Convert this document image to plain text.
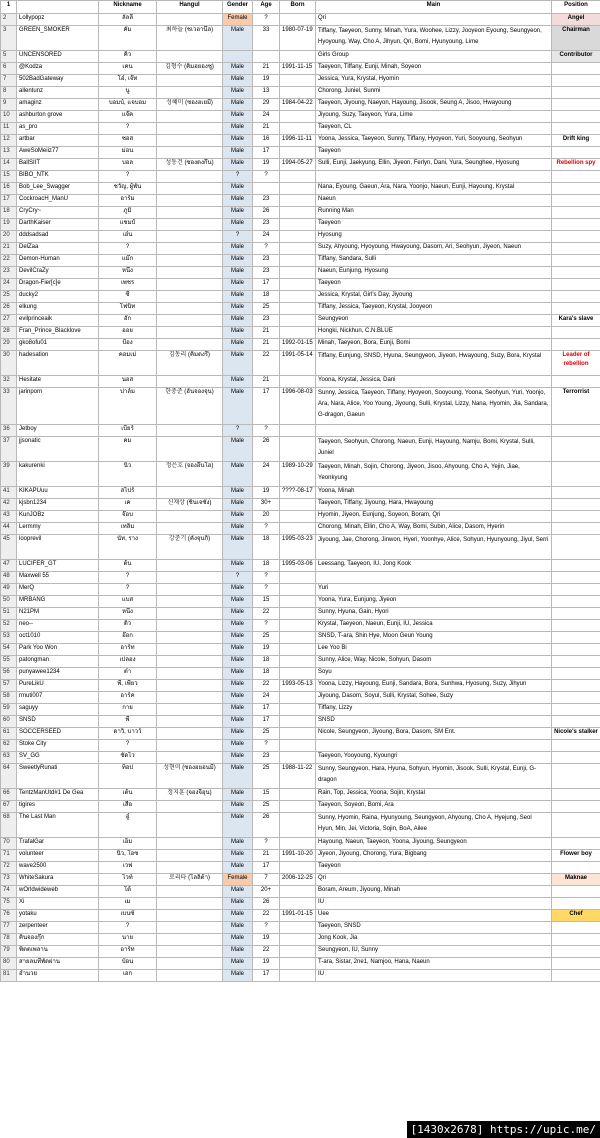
1	Username	Nickname	Hangul	Gender	Age	Born	Main	Position
2	Lollypopz	ลัลลี่		Female	?		Qri	Angel
3	GREEN_SMOKER	คัม	최하늘 (ชเวฮานึล)	Male	33	1980-07-19	Tiffany, Taeyeon, Sunny, Minah, Yura, Woohee, Lizzy, Jooyeon Eyoung, Seungyeon, Hyoyoung, Way, Cho A, Jihyun, Qri, Bomi, Hyunyoung, Lime	Chairman
5	UNCENSORED	คิว					Girls Group	Contributor
6	@Kodza	เคน	김형수 (คิมฮยองซู)	Male	21	1991-11-15	Taeyeon, Tiffany, Eunji, Minah, Soyeon	
7	502BadGateway	โอ๋, เจ๊ท		Male	19		Jessica, Yura, Krystal, Hyomin	
8	allentunz	นู		Male	13		Chorong, Juniel, Sunmi	
9	amaginz	บอมบ์, แจบอม	성혜미 (ซองฮเยมี)	Male	29	1984-04-22	Taeyeon, Jiyoung, Naeyon, Hayoung, Jisook, Seung A, Jisoo, Hwayoung	
10	ashburton grove	แจ๊ค		Male	24		Jiyoung, Suzy, Taeyeon, Yura, Lime	
11	as_pro	?		Male	21		Taeyeon, CL	
12	artbar	ซอส		Male	16	1996-11-11	Yoona, Jessica, Taeyeon, Sunny, Tiffany, Hyoyeon, Yuri, Sooyoung, Seohyun	Drift king
13	AweSoMeiiz77	ม่อน		Male	17		Taeyeon	
14	BallSIIT	บอล	성동건 (ซองดงกึน)	Male	19	1994-05-27	Sulli, Eunji, Jaekyung, Ellin, Jiyeon, Ferlyn, Dani, Yura, Seunghee, Hyosung	Rebellion spy
15	BIBO_NTK	?		?	?			
16	Bob_Lee_Swagger	ชวัญ, ผู้พัน		Male			Nana, Eyoung, Gaeun, Ara, Nara, Yoonjo, Naeun, Eunji, Hayoung, Krystal	
17	CockroacH_ManU	อาร์ม		Male	23		Naeun	
18	CryCry~	ภูมิ		Male	26		Running Man	
19	DarthKaiser	แชมป์		Male	23		Taeyeon	
20	dddsadsad	เอ๋น		?	24		Hyosung	
21	DelZaa	?		Male	?		Suzy, Ahyoung, Hyoyoung, Hwayoung, Dasom, Ari, Seohyun, Jiyeon, Naeun	
22	Demon-Human	แม๊ก		Male	23		Tiffany, Sandara, Sulli	
23	DevilCraZy	หนึ่ง		Male	23		Naeun, Eunjung, Hyosung	
24	Dragon-Fier[c]e	เพชร		Male	17		Taeyeon	
25	ducky2	ซี		Male	18		Jessica, Krystal, Girl's Day, Jiyoung	
26	elkung	โฟนิท		Male	25		Tiffany, Jessica, Taeyeon, Krystal, Jooyeon	
27	evilprinceaik	อั๊ก		Male	23		Seungyeon	Kara's slave
28	Fran_Prince_Blacklove	ออย		Male	21		Hongki, Nickhun, C.N.BLUE	
29	gko8ofu01	ป้อง		Male	21	1992-01-15	Minah, Taeyeon, Bora, Eunji, Bomi	
30	hadesation	คอมเม่	김동리 (คิมดงรี)	Male	22	1991-05-14	Tiffany, Eunjung, SNSD, Hyuna, Seungyeon, Jiyeon, Hwayoung, Suzy, Bora, Krystal	Leader of rebellion
32	Hesitate	นอส		Male	21		Yoona, Krystal, Jessica, Dani	
33	jarinporn	ปาล์ม	한중준 (ฮันจองจุน)	Male	17	1996-08-03	Sunny, Jessica, Taeyeon, Tiffany, Hyoyeon, Sooyoung, Yoona, Seohyun, Yuri, Yoonjo, Ara, Nara, Alice, Yoo Young, Jiyoung, Sulli, Krystal, Lizzy, Nana, Hyomin, Jia, Sandara, G-dragon, Gaeun	Terrorrist
36	Jetboy	เบียร์		?	?			
37	jjsonatic	คม		Male	26		Taeyeon, Seohyun, Chorong, Naeun, Eunji, Hayoung, Namju, Bomi, Krystal, Sulli, Juniel	
39	kakurenki	นิว	정은호 (จองอึนโฮ)	Male	24	1989-10-29	Taeyeon, Minah, Sojin, Chorong, Jiyeon, Jisoo, Ahyoung, Cho A, Yejin, Jiae, Yeonkyung	
41	KIKAPUuu	สไปร์		Male	19	????-08-17	Yoona, Minah	
42	kjsbn1234	เค	신재상 (ชินเจซัง)	Male	30+		Taeyeon, Tiffany, Jiyoung, Hara, Hwayoung	
43	KunJOBz	จ๊อบ		Male	20		Hyomin, Jiyeon, Eunjung, Soyeon, Boram, Qri	
44	Lermmy	เทลิ่ม		Male	?		Chorong, Minah, Ellin, Cho A, Way, Bomi, Subin, Alice, Dasom, Hyerin	
45	looprevil	นัท, ราง	강준기 (คังจุนกิ)	Male	18	1995-03-23	Jiyoung, Jae, Chorong, Jinwon, Hyeri, Yoonhye, Alice, Sohyun, Hyunyoung, Jiyul, Serri	
47	LUCIFER_GT	ต้น		Male	18	1995-03-06	Leessang, Taeyeon, IU, Jong Kook	
48	Maxwell 55	?		?	?			
49	MerQ	?		Male	?		Yuri	
50	MRBANG	แบส		Male	15		Yoona, Yura, Eunjung, Jiyeon	
51	N21PM	หนึ่ง		Male	22		Sunny, Hyuna, Gain, Hyori	
52	neo--	ติ๋ว		Male	?		Krystal, Taeyeon, Naeun, Eunji, IU, Jessica	
53	oct1010	อ๊อก		Male	25		SNSD, T-ara, Shin Hye, Moon Geun Young	
54	Park Yoo Won	อาร์ท		Male	19		Lee Yoo Bi	
55	patongman	เปลอง		Male	18		Sunny, Alice, Way, Nicole, Sohyun, Dasom	
56	punyawee1234	ต๋า		Male	18		Soyu	
57	PureLikU	พี, เพียว		Male	22	1993-05-13	Yoona, Lizzy, Hayoung, Eunji, Sandara, Bora, Sunhwa, Hyosung, Suzy, Jihyun	
58	rmuti007	อาร์ค		Male	24		Jiyoung, Dasom, Soyul, Sulli, Krystal, Sohee, Suzy	
59	saguyy	กาย		Male	17		Tiffany, Lizzy	
60	SNSD	พี		Male	17		SNSD	
61	SOCCERSEED	ดาวิ, บาวว์		Male	25		Nicole, Seungyeon, Jiyoung, Bora, Dasom, SM Ent.	Nicole's stalker
62	Stoke City	?		Male	?			
63	SV_GG	ชัดไว		Male	23		Taeyeon, Yooyoung, Kyoungri	
64	SweetlyRunati	ท็อป	성현미 (ซองฮยอนมี)	Male	25	1988-11-22	Sunny, Seungyeon, Hara, Hyuna, Sohyun, Hyomin, Jisook, Sulli, Krystal, Eunji, G-dragon	
66	TentzManUtd#1 De Gea	เต้น	정지훈 (จองจีฮุน)	Male	15		Rain, Top, Jessica, Yoona, Sojin, Krystal	
67	tigires	เสือ		Male	25		Taeyeon, Soyeon, Bomi, Ara	
68	The Last Man	อู๋		Male	26		Sunny, Hyomin, Raina, Hyunyoung, Seungyeon, Ahyoung, Cho A, Hyejung, Seol Hyun, Min, Jei, Victoria, Sojin, BoA, Ailee	
70	TrafalGar	เอ็ม		Male	?		Hayoung, Naeun, Taeyeon, Yoona, Jiyoung, Seungyeon	
71	volunteer	นิว, โอซ		Male	21	1991-10-20	Jiyeon, Jiyoung, Chorong, Yura, Bigbang	Flower boy
72	wave2500	เวฟ		Male	17		Taeyeon	
73	WhiteSakura	ไวท์	로리타 (โลลิต้า)	Female	7	2006-12-25	Qri	Maknae
74	wOrldwideweb	โต้		Male	20+		Boram, Areum, Jiyoung, Minah	
75	Xi	เม		Male	26		IU	
76	yotaku	เบนซ์		Male	22	1991-01-15	Uee	Chef
77	zerpenteer	?		Male	?		Taeyeon, SNSD	
78	คินจองกุ๊ก	นาย		Male	19		Jong Kook, Jia	
79	พิตตเพลาน	อาร์ท		Male	22		Seungyeon, IU, Sunny	
80	สายลมที่พัดผ่าน	ป๋อน		Male	19		T-ara, Sistar, 2ne1, Namjoo, Hana, Naeun	
81	อำนวย	เอก		Male	17		IU	
[1430x2678] https://upic.me/
